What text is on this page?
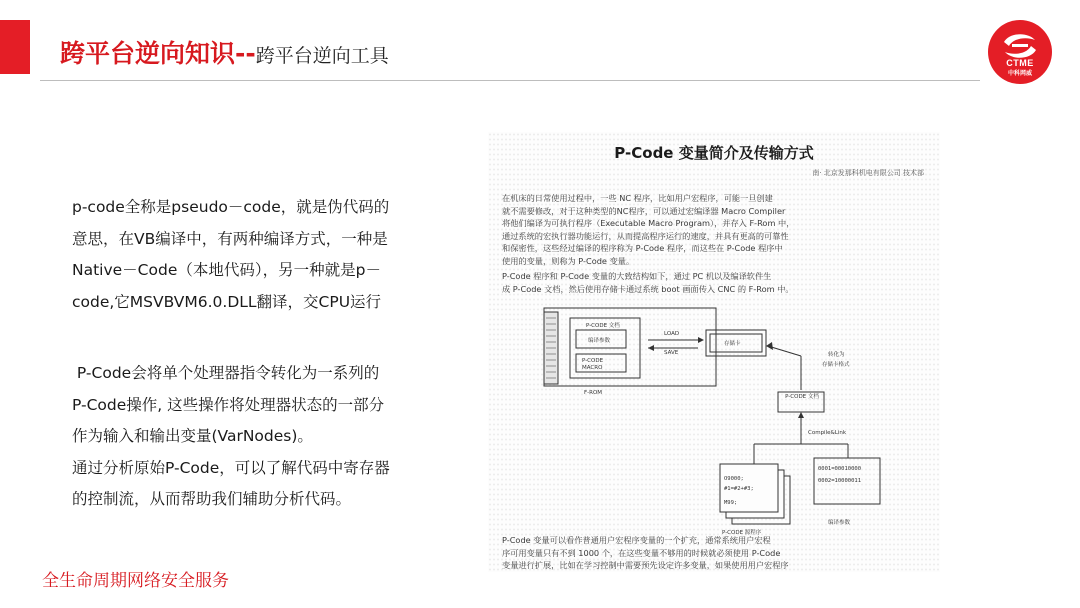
跨平台逆向知识--跨平台逆向工具	CTME
中科网威

p-code全称是pseudo－code，就是伪代码的

意思，在VB编译中，有两种编译方式，一种是

Native－Code（本地代码），另一种就是p－

code,它MSVBVM6.0.DLL翻译，交CPU运行

P-Code会将单个处理器指令转化为一系列的

P-Code操作, 这些操作将处理器状态的一部分

作为输入和输出变量(VarNodes)。

通过分析原始P-Code，可以了解代码中寄存器

的控制流，从而帮助我们辅助分析代码。

全生命周期网络安全服务
P-Code 变量简介及传输方式
南· 北京发那科机电有限公司 技术部
在机床的日常使用过程中，一些 NC 程序，比如用户宏程序，可能一旦创建
就不需要修改，对于这种类型的NC程序，可以通过宏编译器 Macro Compiler
将他们编译为可执行程序（Executable Macro Program），并存入 F-Rom 中，
通过系统的宏执行器功能运行，从而提高程序运行的速度，并具有更高的可靠性
和保密性，这些经过编译的程序称为 P-Code 程序，而这些在 P-Code 程序中
使用的变量，则称为 P-Code 变量。
P-Code 程序和 P-Code 变量的大致结构如下，通过 PC 机以及编译软件生
成 P-Code 文档，然后使用存储卡通过系统 boot 画面传入 CNC 的 F-Rom 中。
P-CODE 文档
编译参数
P-CODE MACRO
F-ROM
LOAD
SAVE
存储卡
转化为
存储卡格式
P-CODE 文档
Compile&Link
O9000;
#1=#2+#3;
M99;
P-CODE 源程序
0001=00010000
0002=10000011
编译参数
P-Code 变量可以看作普通用户宏程序变量的一个扩充，通常系统用户宏程
序可用变量只有不到 1000 个，在这些变量不够用的时候就必须使用 P-Code
变量进行扩展，比如在学习控制中需要预先设定许多变量，如果使用用户宏程序
